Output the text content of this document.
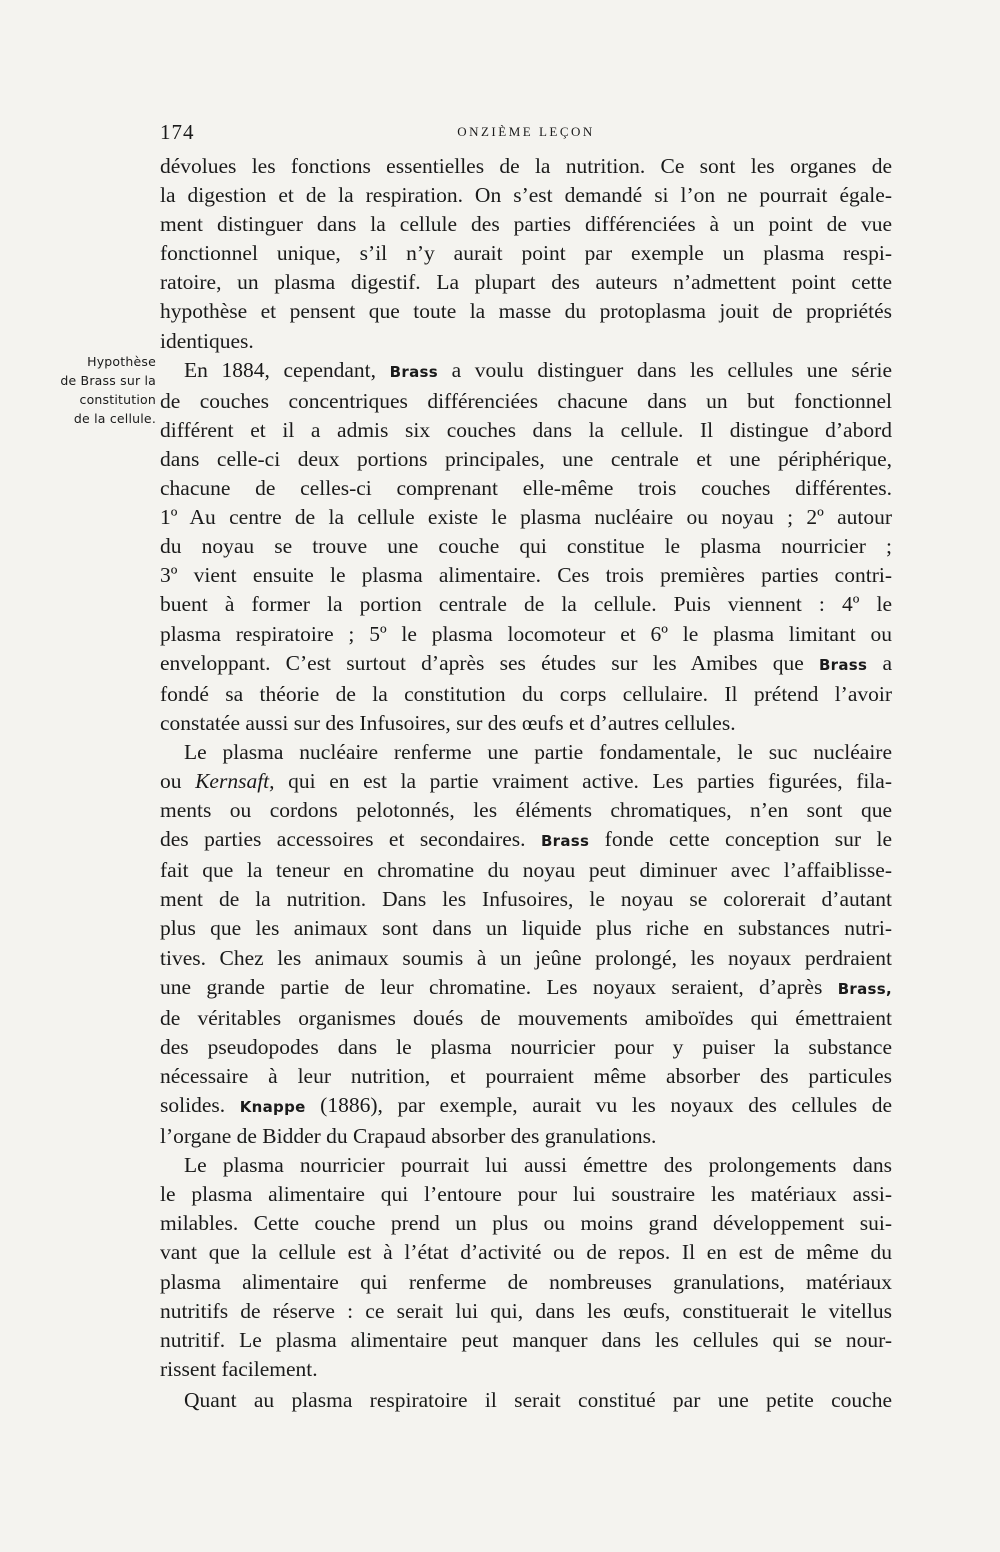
174	ONZIÈME LEÇON
Hypothèse
de Brass sur la
constitution
de la cellule.

dévolues les fonctions essentielles de la nutrition. Ce sont les organes de

la digestion et de la respiration. On s’est demandé si l’on ne pourrait égale-

ment distinguer dans la cellule des parties différenciées à un point de vue

fonctionnel unique, s’il n’y aurait point par exemple un plasma respi-

ratoire, un plasma digestif. La plupart des auteurs n’admettent point cette

hypothèse et pensent que toute la masse du protoplasma jouit de propriétés

identiques.

En 1884, cependant, Brass a voulu distinguer dans les cellules une série

de couches concentriques différenciées chacune dans un but fonctionnel

différent et il a admis six couches dans la cellule. Il distingue d’abord

dans celle-ci deux portions principales, une centrale et une périphérique,

chacune de celles-ci comprenant elle-même trois couches différentes.

1º Au centre de la cellule existe le plasma nucléaire ou noyau ; 2º autour

du noyau se trouve une couche qui constitue le plasma nourricier ;

3º vient ensuite le plasma alimentaire. Ces trois premières parties contri-

buent à former la portion centrale de la cellule. Puis viennent : 4º le

plasma respiratoire ; 5º le plasma locomoteur et 6º le plasma limitant ou

enveloppant. C’est surtout d’après ses études sur les Amibes que Brass a

fondé sa théorie de la constitution du corps cellulaire. Il prétend l’avoir

constatée aussi sur des Infusoires, sur des œufs et d’autres cellules.

Le plasma nucléaire renferme une partie fondamentale, le suc nucléaire

ou Kernsaft, qui en est la partie vraiment active. Les parties figurées, fila-

ments ou cordons pelotonnés, les éléments chromatiques, n’en sont que

des parties accessoires et secondaires. Brass fonde cette conception sur le

fait que la teneur en chromatine du noyau peut diminuer avec l’affaiblisse-

ment de la nutrition. Dans les Infusoires, le noyau se colorerait d’autant

plus que les animaux sont dans un liquide plus riche en substances nutri-

tives. Chez les animaux soumis à un jeûne prolongé, les noyaux perdraient

une grande partie de leur chromatine. Les noyaux seraient, d’après Brass,

de véritables organismes doués de mouvements amiboïdes qui émettraient

des pseudopodes dans le plasma nourricier pour y puiser la substance

nécessaire à leur nutrition, et pourraient même absorber des particules

solides. Knappe (1886), par exemple, aurait vu les noyaux des cellules de

l’organe de Bidder du Crapaud absorber des granulations.

Le plasma nourricier pourrait lui aussi émettre des prolongements dans

le plasma alimentaire qui l’entoure pour lui soustraire les matériaux assi-

milables. Cette couche prend un plus ou moins grand développement sui-

vant que la cellule est à l’état d’activité ou de repos. Il en est de même du

plasma alimentaire qui renferme de nombreuses granulations, matériaux

nutritifs de réserve : ce serait lui qui, dans les œufs, constituerait le vitellus

nutritif. Le plasma alimentaire peut manquer dans les cellules qui se nour-

rissent facilement.

Quant au plasma respiratoire il serait constitué par une petite couche
